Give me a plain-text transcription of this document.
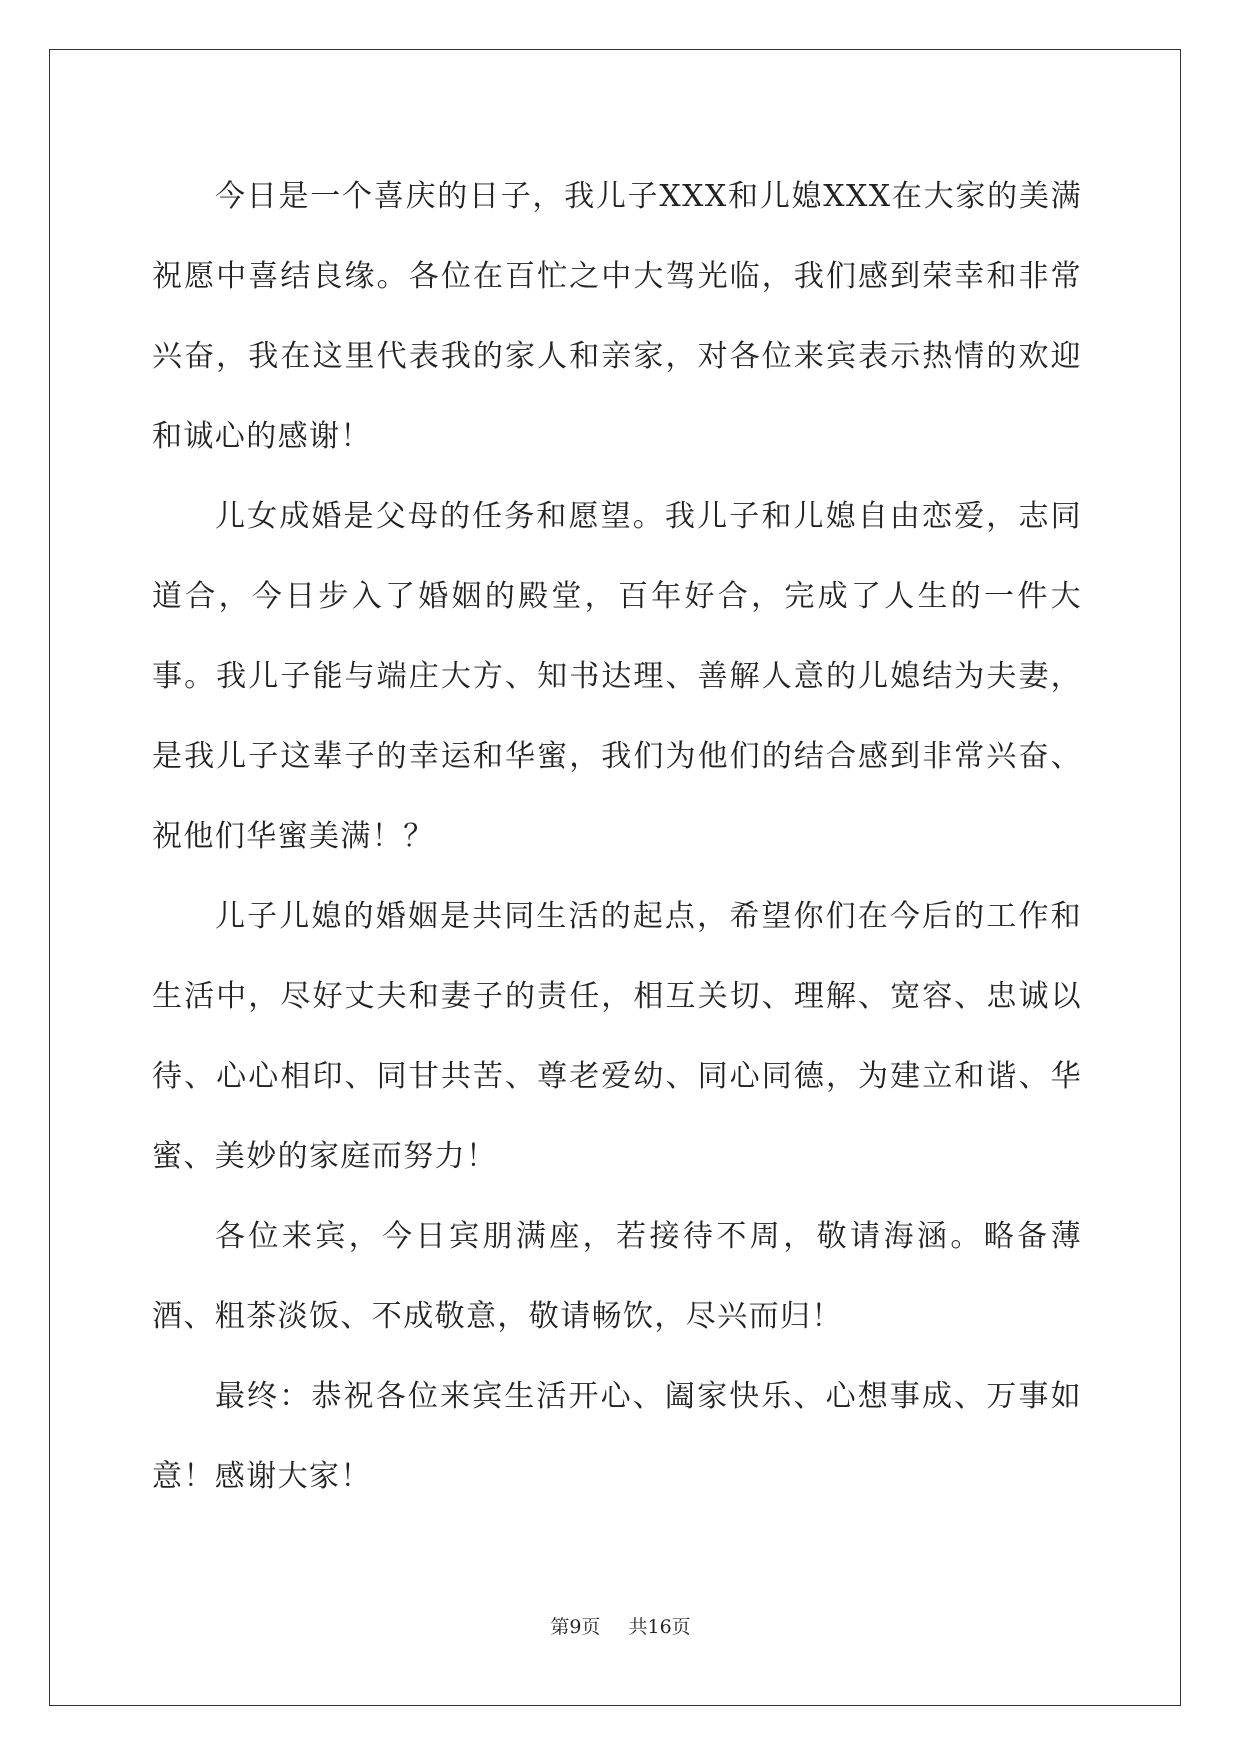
今日是一个喜庆的日子，我儿子XXX和儿媳XXX在大家的美满祝愿中喜结良缘。各位在百忙之中大驾光临，我们感到荣幸和非常兴奋，我在这里代表我的家人和亲家，对各位来宾表示热情的欢迎和诚心的感谢！

儿女成婚是父母的任务和愿望。我儿子和儿媳自由恋爱，志同道合，今日步入了婚姻的殿堂，百年好合，完成了人生的一件大事。我儿子能与端庄大方、知书达理、善解人意的儿媳结为夫妻，是我儿子这辈子的幸运和华蜜，我们为他们的结合感到非常兴奋、祝他们华蜜美满！？

儿子儿媳的婚姻是共同生活的起点，希望你们在今后的工作和生活中，尽好丈夫和妻子的责任，相互关切、理解、宽容、忠诚以待、心心相印、同甘共苦、尊老爱幼、同心同德，为建立和谐、华蜜、美妙的家庭而努力！

各位来宾，今日宾朋满座，若接待不周，敬请海涵。略备薄酒、粗茶淡饭、不成敬意，敬请畅饮，尽兴而归！

最终：恭祝各位来宾生活开心、阖家快乐、心想事成、万事如意！感谢大家！

第9页 共16页
